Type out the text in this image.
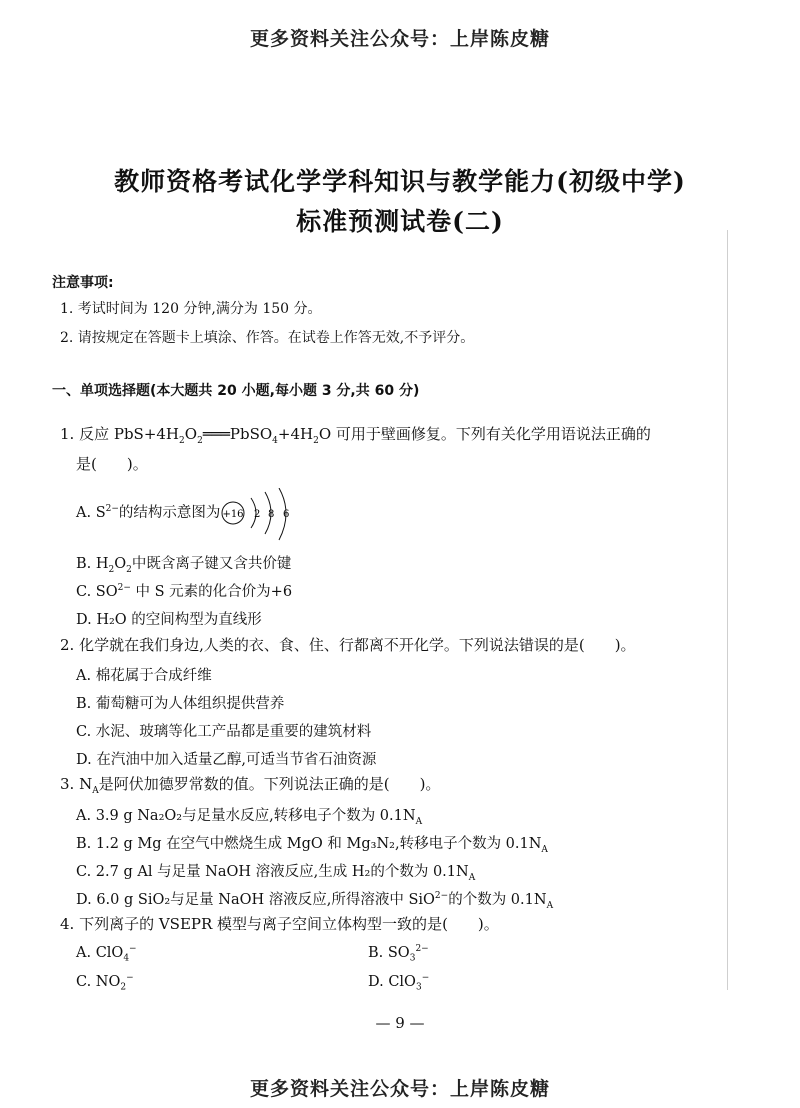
更多资料关注公众号：上岸陈皮糖
教师资格考试化学学科知识与教学能力(初级中学)
标准预测试卷(二)
注意事项:
1. 考试时间为 120 分钟,满分为 150 分。
2. 请按规定在答题卡上填涂、作答。在试卷上作答无效,不予评分。
一、单项选择题(本大题共 20 小题,每小题 3 分,共 60 分)
1. 反应 $PbS+4H_2O_2═══PbSO_4+4H_2O$ 可用于壁画修复。下列有关化学用语说法正确的
是(　　)。
A. $S^{2-}$的结构示意图为 +16 2 8 6
B. $H_2O_2$中既含离子键又含共价键
C. $SO^{2-}$ 中 S 元素的化合价为+6
D. H₂O 的空间构型为直线形
2. 化学就在我们身边,人类的衣、食、住、行都离不开化学。下列说法错误的是(　　)。
A. 棉花属于合成纤维
B. 葡萄糖可为人体组织提供营养
C. 水泥、玻璃等化工产品都是重要的建筑材料
D. 在汽油中加入适量乙醇,可适当节省石油资源
3. $N_A$是阿伏加德罗常数的值。下列说法正确的是(　　)。
A. 3.9 g Na₂O₂与足量水反应,转移电子个数为 $0.1N_A$
B. 1.2 g Mg 在空气中燃烧生成 MgO 和 Mg₃N₂,转移电子个数为 $0.1N_A$
C. 2.7 g Al 与足量 NaOH 溶液反应,生成 H₂的个数为 $0.1N_A$
D. 6.0 g SiO₂与足量 NaOH 溶液反应,所得溶液中 SiO$^{2-}$的个数为 $0.1N_A$
4. 下列离子的 VSEPR 模型与离子空间立体构型一致的是(　　)。
A. ClO$_4$−	B. $SO_3^{2-}$
C. $NO_2^-$	D. ClO$_3$−
— 9 —
更多资料关注公众号：上岸陈皮糖
